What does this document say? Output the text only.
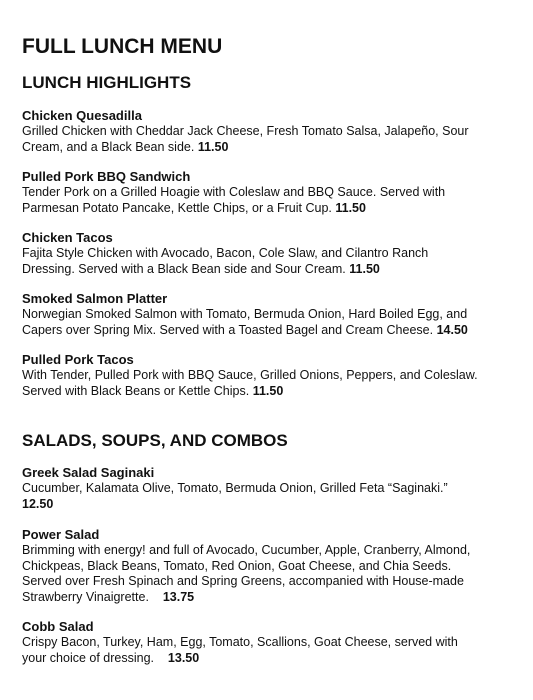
FULL LUNCH MENU
LUNCH HIGHLIGHTS
Chicken Quesadilla
Grilled Chicken with Cheddar Jack Cheese, Fresh Tomato Salsa, Jalapeño, Sour
Cream, and a Black Bean side. 11.50
Pulled Pork BBQ Sandwich
Tender Pork on a Grilled Hoagie with Coleslaw and BBQ Sauce. Served with
Parmesan Potato Pancake, Kettle Chips, or a Fruit Cup. 11.50
Chicken Tacos
Fajita Style Chicken with Avocado, Bacon, Cole Slaw, and Cilantro Ranch
Dressing. Served with a Black Bean side and Sour Cream. 11.50
Smoked Salmon Platter
Norwegian Smoked Salmon with Tomato, Bermuda Onion, Hard Boiled Egg, and
Capers over Spring Mix. Served with a Toasted Bagel and Cream Cheese. 14.50
Pulled Pork Tacos
With Tender, Pulled Pork with BBQ Sauce, Grilled Onions, Peppers, and Coleslaw.
Served with Black Beans or Kettle Chips. 11.50
SALADS, SOUPS, AND COMBOS
Greek Salad Saginaki
Cucumber, Kalamata Olive, Tomato, Bermuda Onion, Grilled Feta “Saginaki.”
12.50
Power Salad
Brimming with energy! and full of Avocado, Cucumber, Apple, Cranberry, Almond,
Chickpeas, Black Beans, Tomato, Red Onion, Goat Cheese, and Chia Seeds.
Served over Fresh Spinach and Spring Greens, accompanied with House-made
Strawberry Vinaigrette. 13.75
Cobb Salad
Crispy Bacon, Turkey, Ham, Egg, Tomato, Scallions, Goat Cheese, served with
your choice of dressing. 13.50
